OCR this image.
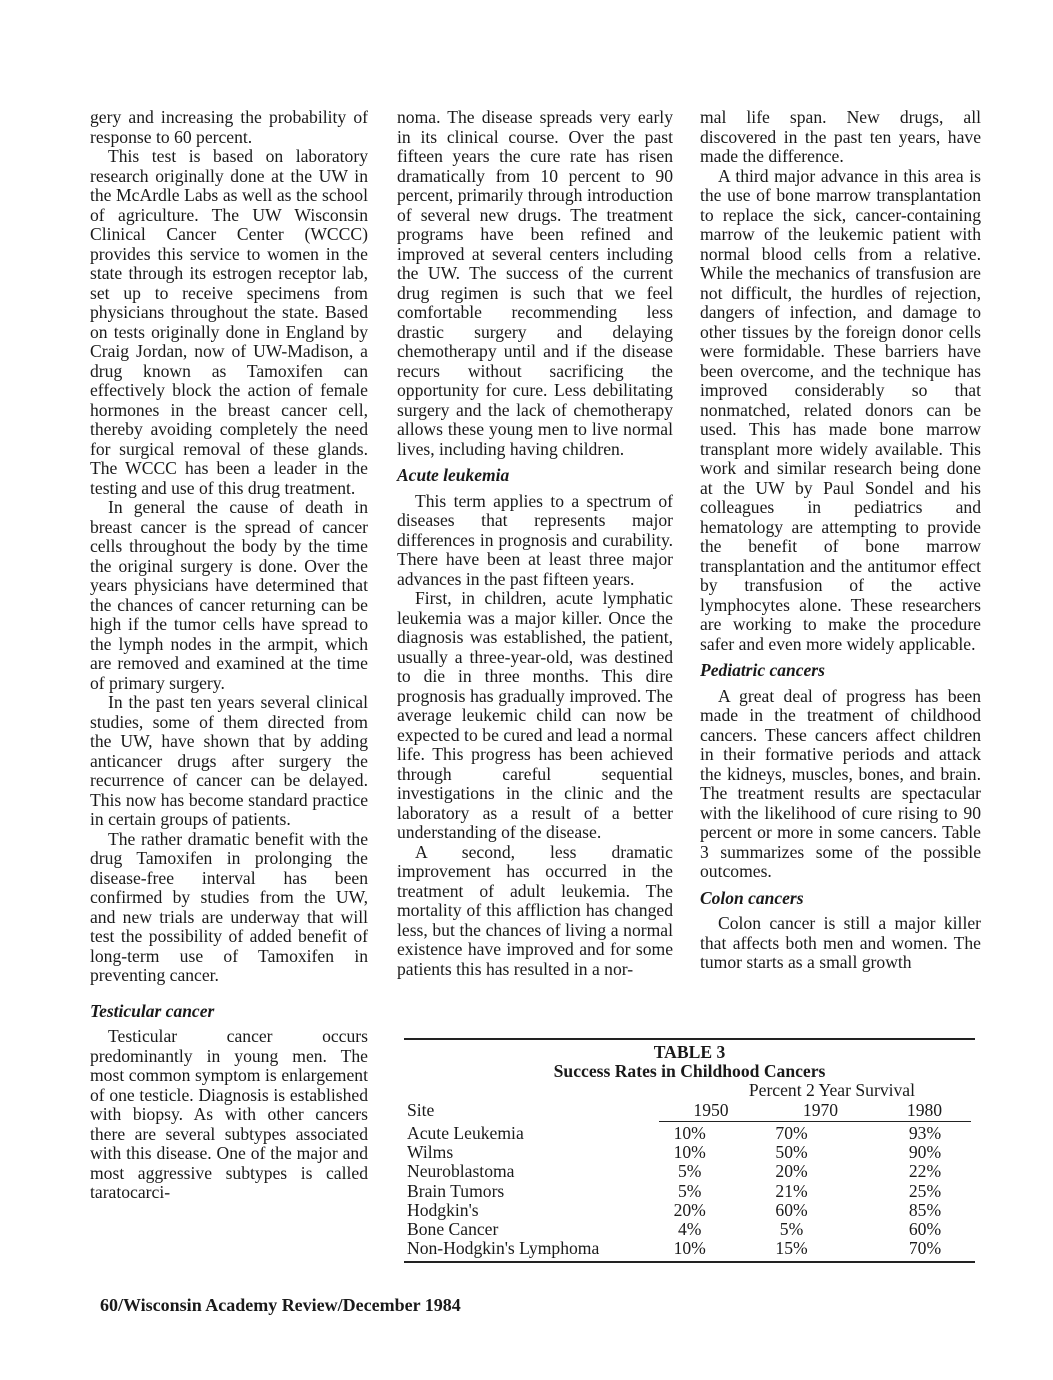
gery and increasing the probability of response to 60 percent.

This test is based on laboratory research originally done at the UW in the McArdle Labs as well as the school of agriculture. The UW Wisconsin Clinical Cancer Center (WCCC) provides this service to women in the state through its estrogen receptor lab, set up to receive specimens from physicians throughout the state. Based on tests originally done in England by Craig Jordan, now of UW-Madison, a drug known as Tamoxifen can effectively block the action of female hormones in the breast cancer cell, thereby avoiding completely the need for surgical removal of these glands. The WCCC has been a leader in the testing and use of this drug treatment.

In general the cause of death in breast cancer is the spread of cancer cells throughout the body by the time the original surgery is done. Over the years physicians have determined that the chances of cancer returning can be high if the tumor cells have spread to the lymph nodes in the armpit, which are removed and examined at the time of primary surgery.

In the past ten years several clinical studies, some of them directed from the UW, have shown that by adding anticancer drugs after surgery the recurrence of cancer can be delayed. This now has become standard practice in certain groups of patients.

The rather dramatic benefit with the drug Tamoxifen in prolonging the disease-free interval has been confirmed by studies from the UW, and new trials are underway that will test the possibility of added benefit of long-term use of Tamoxifen in preventing cancer.

Testicular cancer

Testicular cancer occurs predominantly in young men. The most common symptom is enlargement of one testicle. Diagnosis is established with biopsy. As with other cancers there are several subtypes associated with this disease. One of the major and most aggressive subtypes is called taratocarci-

noma. The disease spreads very early in its clinical course. Over the past fifteen years the cure rate has risen dramatically from 10 percent to 90 percent, primarily through introduction of several new drugs. The treatment programs have been refined and improved at several centers including the UW. The success of the current drug regimen is such that we feel comfortable recommending less drastic surgery and delaying chemotherapy until and if the disease recurs without sacrificing the opportunity for cure. Less debilitating surgery and the lack of chemotherapy allows these young men to live normal lives, including having children.

Acute leukemia

This term applies to a spectrum of diseases that represents major differences in prognosis and curability. There have been at least three major advances in the past fifteen years.

First, in children, acute lymphatic leukemia was a major killer. Once the diagnosis was established, the patient, usually a three-year-old, was destined to die in three months. This dire prognosis has gradually improved. The average leukemic child can now be expected to be cured and lead a normal life. This progress has been achieved through careful sequential investigations in the clinic and the laboratory as a result of a better understanding of the disease.

A second, less dramatic improvement has occurred in the treatment of adult leukemia. The mortality of this affliction has changed less, but the chances of living a normal existence have improved and for some patients this has resulted in a nor-

mal life span. New drugs, all discovered in the past ten years, have made the difference.

A third major advance in this area is the use of bone marrow transplantation to replace the sick, cancer-containing marrow of the leukemic patient with normal blood cells from a relative. While the mechanics of transfusion are not difficult, the hurdles of rejection, dangers of infection, and damage to other tissues by the foreign donor cells were formidable. These barriers have been overcome, and the technique has improved considerably so that nonmatched, related donors can be used. This has made bone marrow transplant more widely available. This work and similar research being done at the UW by Paul Sondel and his colleagues in pediatrics and hematology are attempting to provide the benefit of bone marrow transplantation and the antitumor effect by transfusion of the active lymphocytes alone. These researchers are working to make the procedure safer and even more widely applicable.

Pediatric cancers

A great deal of progress has been made in the treatment of childhood cancers. These cancers affect children in their formative periods and attack the kidneys, muscles, bones, and brain. The treatment results are spectacular with the likelihood of cure rising to 90 percent or more in some cancers. Table 3 summarizes some of the possible outcomes.

Colon cancers

Colon cancer is still a major killer that affects both men and women. The tumor starts as a small growth

TABLE 3
Success Rates in Childhood Cancers
Percent 2 Year Survival
Site	1950	1970	1980
Acute Leukemia	10%	70%	93%
Wilms	10%	50%	90%
Neuroblastoma	5%	20%	22%
Brain Tumors	5%	21%	25%
Hodgkin's	20%	60%	85%
Bone Cancer	4%	5%	60%
Non-Hodgkin's Lymphoma	10%	15%	70%
60/Wisconsin Academy Review/December 1984
